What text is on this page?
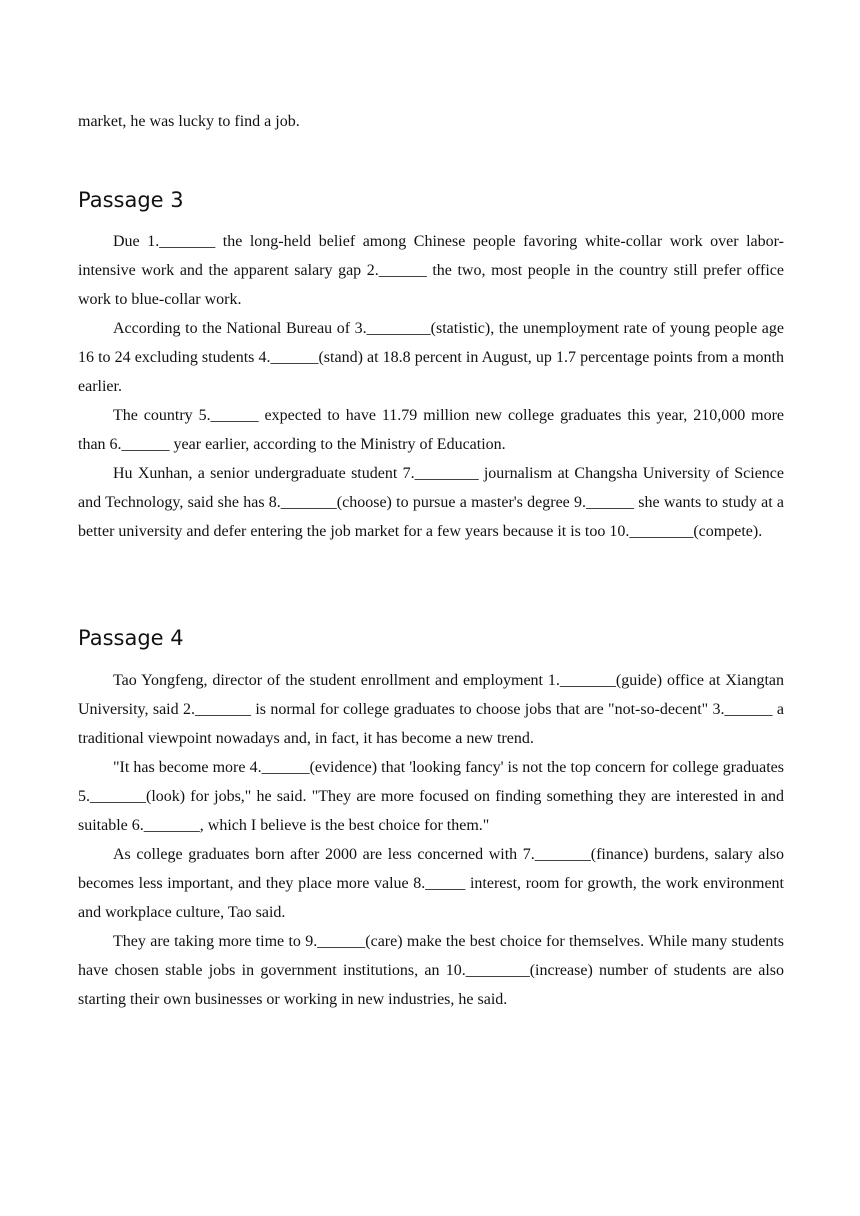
market, he was lucky to find a job.

Passage 3

Due 1._______ the long-held belief among Chinese people favoring white-collar work over labor-intensive work and the apparent salary gap 2.______ the two, most people in the country still prefer office work to blue-collar work.

According to the National Bureau of 3.________(statistic), the unemployment rate of young people age 16 to 24 excluding students 4.______(stand) at 18.8 percent in August, up 1.7 percentage points from a month earlier.

The country 5.______ expected to have 11.79 million new college graduates this year, 210,000 more than 6.______ year earlier, according to the Ministry of Education.

Hu Xunhan, a senior undergraduate student 7.________ journalism at Changsha University of Science and Technology, said she has 8._______(choose) to pursue a master's degree 9.______ she wants to study at a better university and defer entering the job market for a few years because it is too 10.________(compete).

Passage 4

Tao Yongfeng, director of the student enrollment and employment 1._______(guide) office at Xiangtan University, said 2._______ is normal for college graduates to choose jobs that are "not-so-decent" 3.______ a traditional viewpoint nowadays and, in fact, it has become a new trend.

"It has become more 4.______(evidence) that 'looking fancy' is not the top concern for college graduates 5._______(look) for jobs," he said. "They are more focused on finding something they are interested in and suitable 6._______, which I believe is the best choice for them."

As college graduates born after 2000 are less concerned with 7._______(finance) burdens, salary also becomes less important, and they place more value 8._____ interest, room for growth, the work environment and workplace culture, Tao said.

They are taking more time to 9.______(care) make the best choice for themselves. While many students have chosen stable jobs in government institutions, an 10.________(increase) number of students are also starting their own businesses or working in new industries, he said.
